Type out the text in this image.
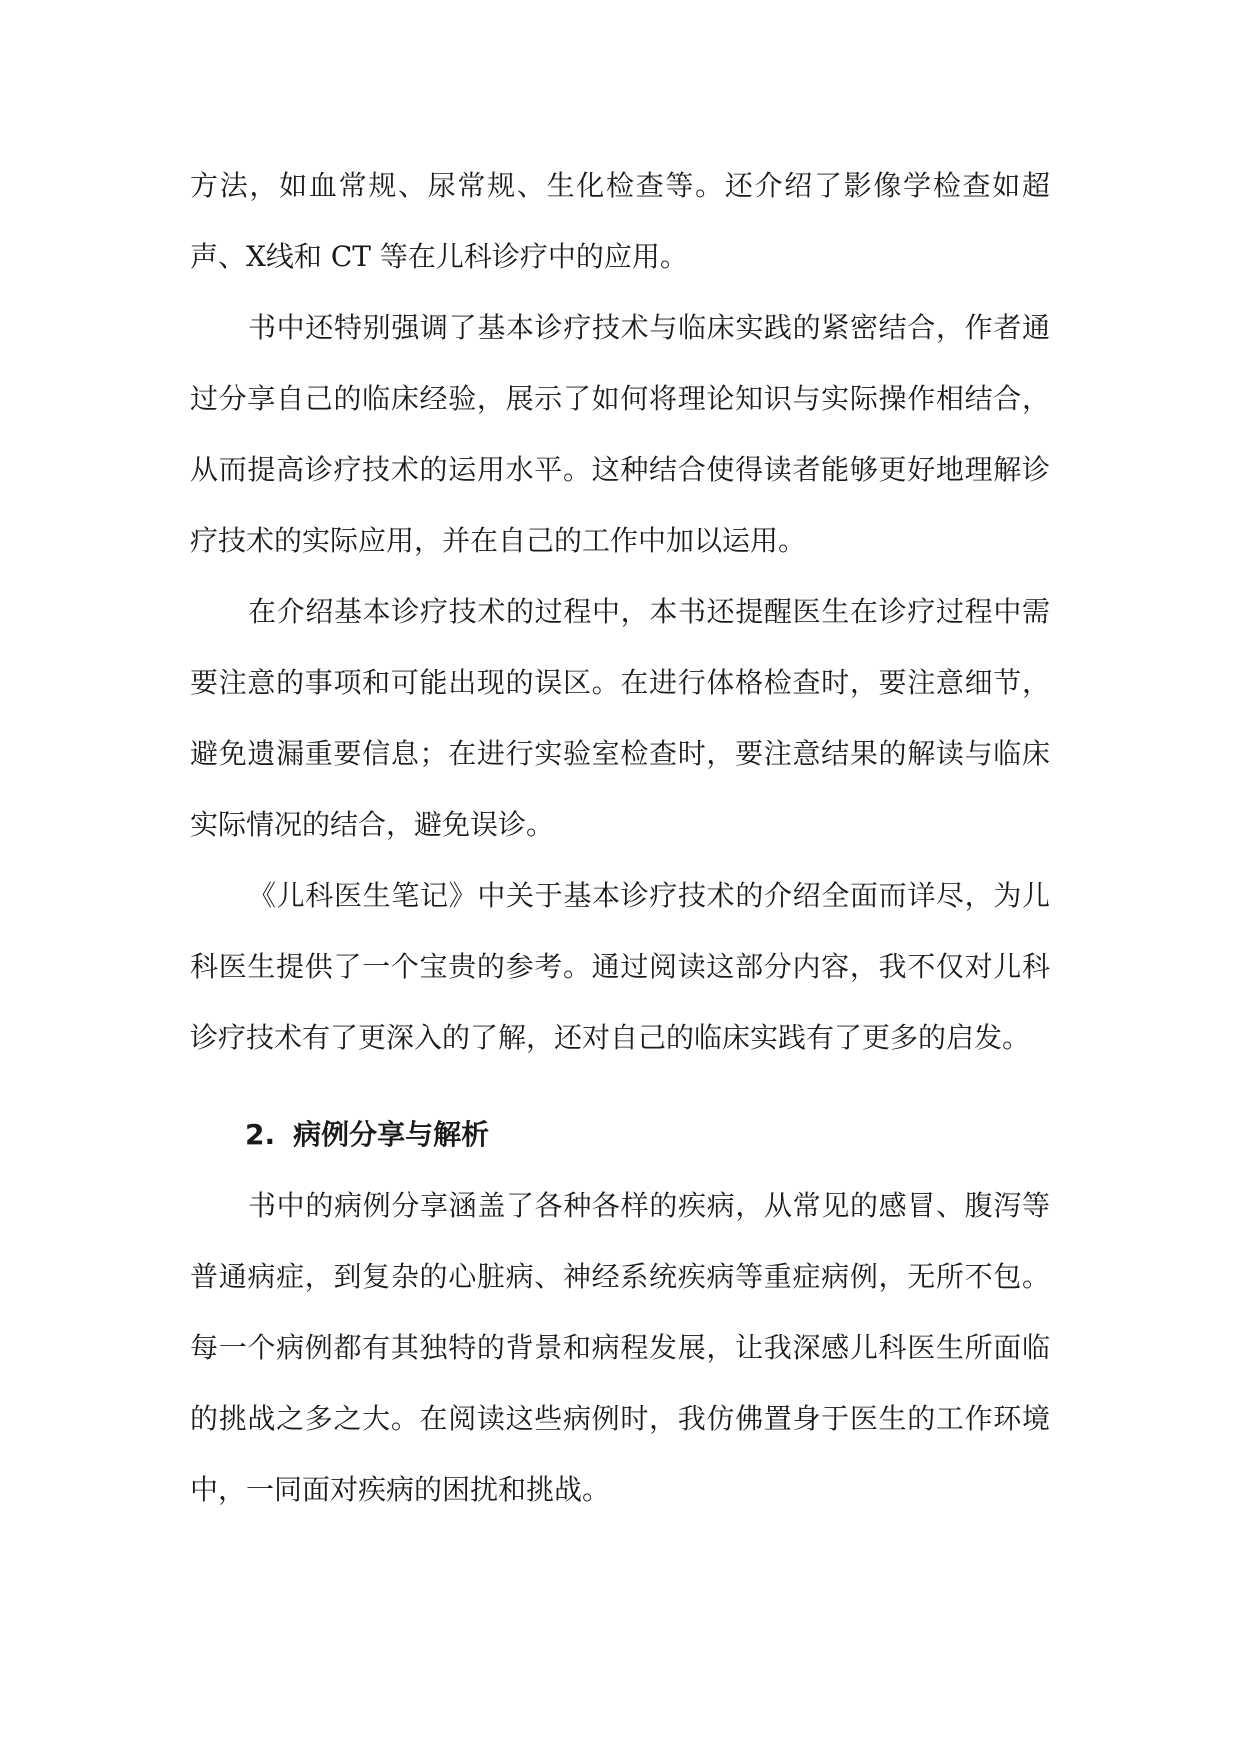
方法，如血常规、尿常规、生化检查等。还介绍了影像学检查如超声、X线和 CT 等在儿科诊疗中的应用。

书中还特别强调了基本诊疗技术与临床实践的紧密结合，作者通过分享自己的临床经验，展示了如何将理论知识与实际操作相结合，从而提高诊疗技术的运用水平。这种结合使得读者能够更好地理解诊疗技术的实际应用，并在自己的工作中加以运用。

在介绍基本诊疗技术的过程中，本书还提醒医生在诊疗过程中需要注意的事项和可能出现的误区。在进行体格检查时，要注意细节，避免遗漏重要信息；在进行实验室检查时，要注意结果的解读与临床实际情况的结合，避免误诊。

《儿科医生笔记》中关于基本诊疗技术的介绍全面而详尽，为儿科医生提供了一个宝贵的参考。通过阅读这部分内容，我不仅对儿科诊疗技术有了更深入的了解，还对自己的临床实践有了更多的启发。

2. 病例分享与解析

书中的病例分享涵盖了各种各样的疾病，从常见的感冒、腹泻等普通病症，到复杂的心脏病、神经系统疾病等重症病例，无所不包。每一个病例都有其独特的背景和病程发展，让我深感儿科医生所面临的挑战之多之大。在阅读这些病例时，我仿佛置身于医生的工作环境中，一同面对疾病的困扰和挑战。
